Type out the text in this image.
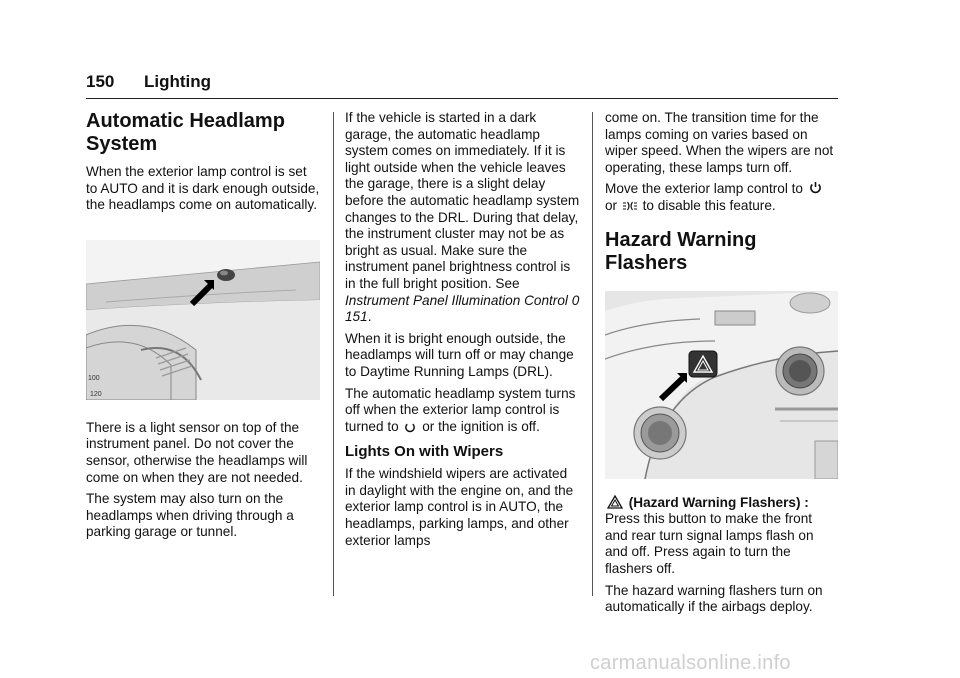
150 Lighting
Automatic Headlamp System

When the exterior lamp control is set to AUTO and it is dark enough outside, the headlamps come on automatically.

100
120

There is a light sensor on top of the instrument panel. Do not cover the sensor, otherwise the headlamps will come on when they are not needed.

The system may also turn on the headlamps when driving through a parking garage or tunnel.

If the vehicle is started in a dark garage, the automatic headlamp system comes on immediately. If it is light outside when the vehicle leaves the garage, there is a slight delay before the automatic headlamp system changes to the DRL. During that delay, the instrument cluster may not be as bright as usual. Make sure the instrument panel brightness control is in the full bright position. See Instrument Panel Illumination Control 0 151.

When it is bright enough outside, the headlamps will turn off or may change to Daytime Running Lamps (DRL).

The automatic headlamp system turns off when the exterior lamp control is turned to or the ignition is off.

Lights On with Wipers

If the windshield wipers are activated in daylight with the engine on, and the exterior lamp control is in AUTO, the headlamps, parking lamps, and other exterior lamps

come on. The transition time for the lamps coming on varies based on wiper speed. When the wipers are not operating, these lamps turn off.

Move the exterior lamp control to
or to disable this feature.

Hazard Warning Flashers

(Hazard Warning Flashers) : Press this button to make the front and rear turn signal lamps flash on and off. Press again to turn the flashers off.

The hazard warning flashers turn on automatically if the airbags deploy.

carmanualsonline.info
